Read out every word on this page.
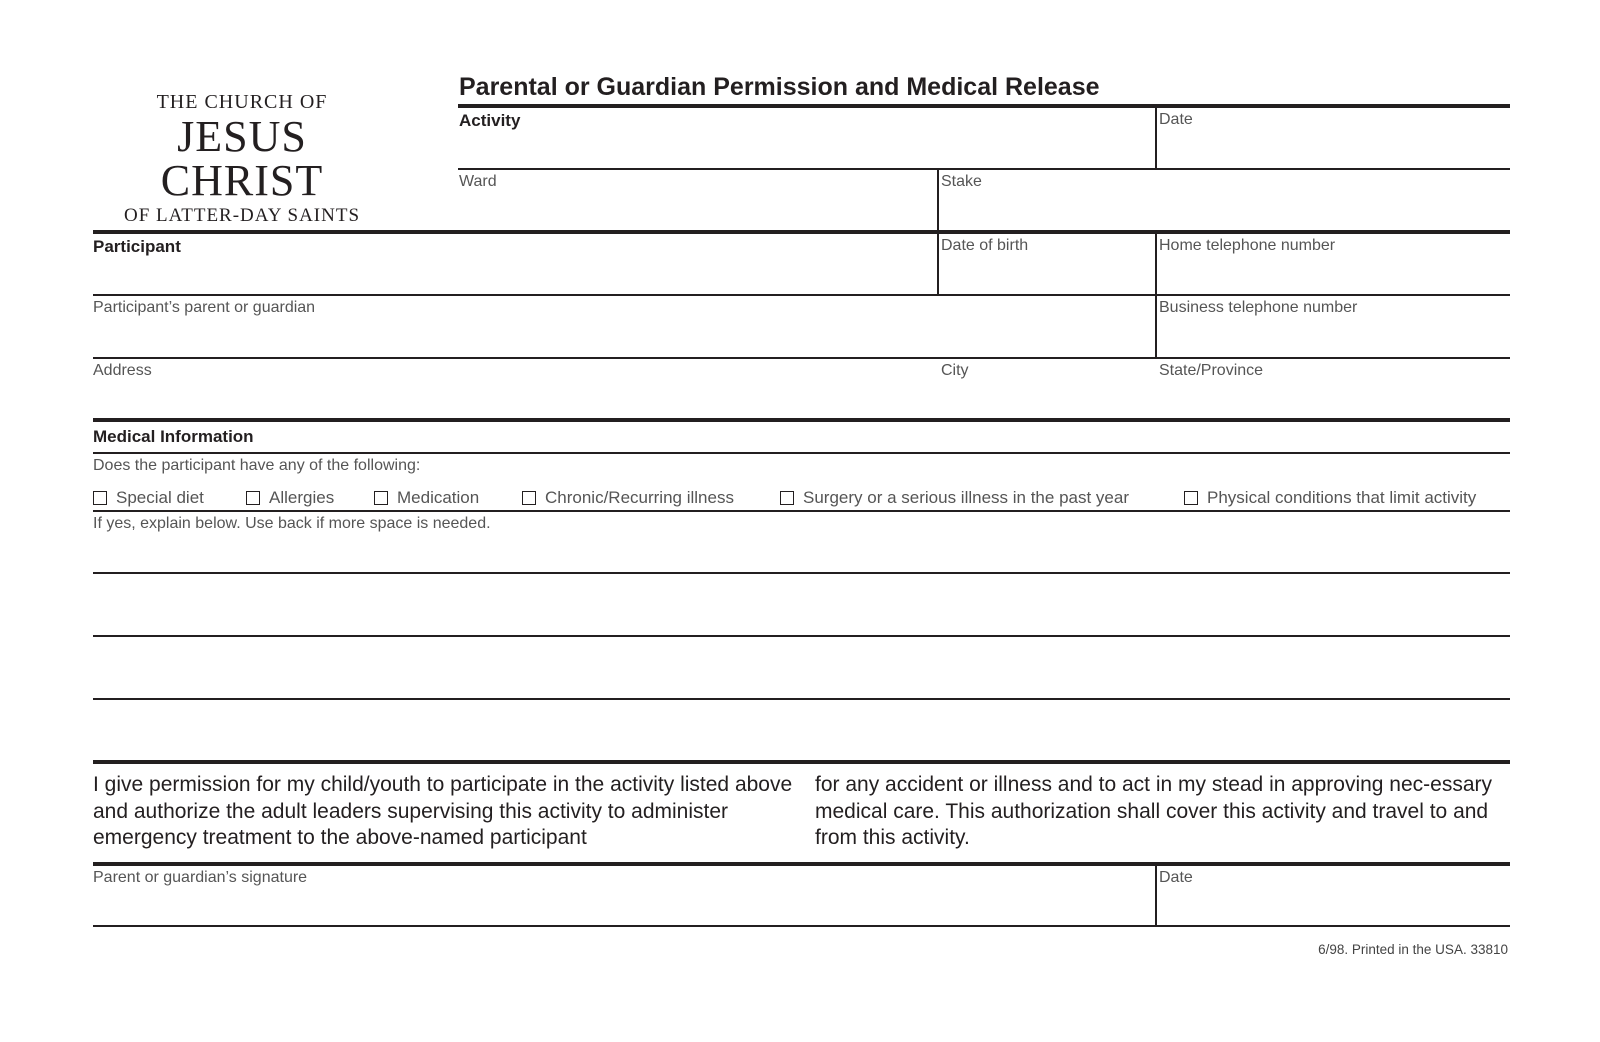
THE CHURCH OF
JESUS CHRIST
OF LATTER-DAY SAINTS
Parental or Guardian Permission and Medical Release
Activity	Date
Ward	Stake
Participant	Date of birth	Home telephone number
Participant’s parent or guardian	Business telephone number
Address	City	State/Province
Medical Information
Does the participant have any of the following:
Special diet	Allergies	Medication	Chronic/Recurring illness	Surgery or a serious illness in the past year	Physical conditions that limit activity
If yes, explain below. Use back if more space is needed.
I give permission for my child/youth to participate in the activity listed above and authorize the adult leaders supervising this activity to administer emergency treatment to the above-named participant
for any accident or illness and to act in my stead in approving nec-essary medical care. This authorization shall cover this activity and travel to and from this activity.
Parent or guardian’s signature	Date
6/98. Printed in the USA. 33810
